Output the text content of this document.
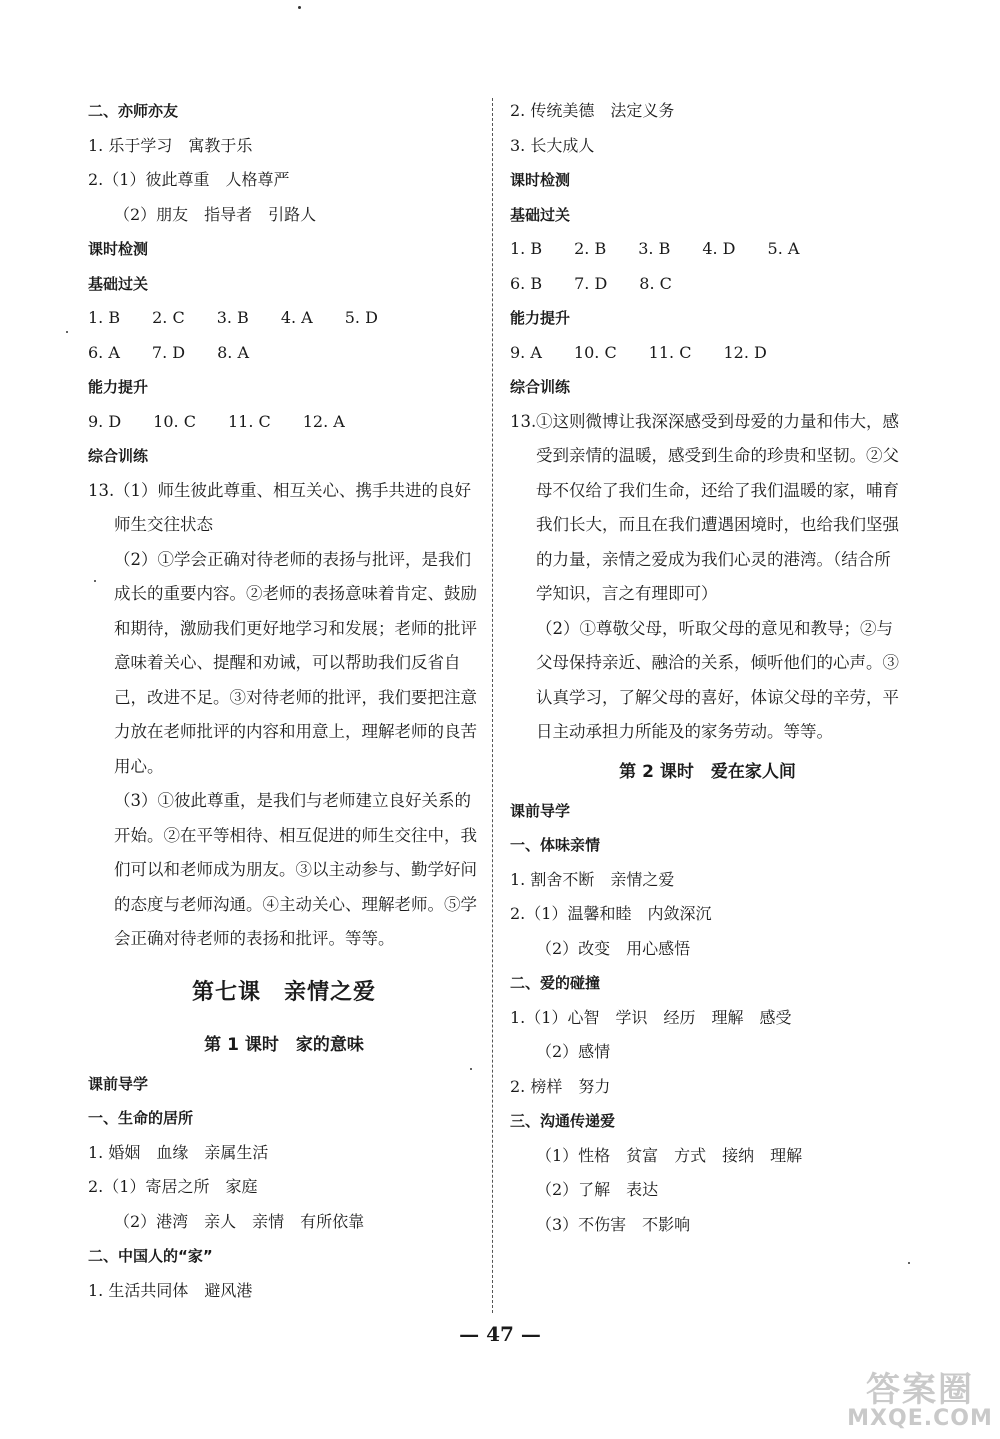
二、亦师亦友
1. 乐于学习　寓教于乐
2.（1）彼此尊重　人格尊严
（2）朋友　指导者　引路人
课时检测
基础过关
1. B　　2. C　　3. B　　4. A　　5. D
6. A　　7. D　　8. A
能力提升
9. D　　10. C　　11. C　　12. A
综合训练
13. （1）师生彼此尊重、相互关心、携手共进的良好师生交往状态
（2）①学会正确对待老师的表扬与批评，是我们成长的重要内容。②老师的表扬意味着肯定、鼓励和期待，激励我们更好地学习和发展；老师的批评意味着关心、提醒和劝诫，可以帮助我们反省自己，改进不足。③对待老师的批评，我们要把注意力放在老师批评的内容和用意上，理解老师的良苦用心。
（3）①彼此尊重，是我们与老师建立良好关系的开始。②在平等相待、相互促进的师生交往中，我们可以和老师成为朋友。③以主动参与、勤学好问的态度与老师沟通。④主动关心、理解老师。⑤学会正确对待老师的表扬和批评。等等。
第七课　亲情之爱
第 1 课时　家的意味
课前导学
一、生命的居所
1. 婚姻　血缘　亲属生活
2.（1）寄居之所　家庭
（2）港湾　亲人　亲情　有所依靠
二、中国人的“家”
1. 生活共同体　避风港
2. 传统美德　法定义务
3. 长大成人
课时检测
基础过关
1. B　　2. B　　3. B　　4. D　　5. A
6. B　　7. D　　8. C
能力提升
9. A　　10. C　　11. C　　12. D
综合训练
13. ①这则微博让我深深感受到母爱的力量和伟大，感受到亲情的温暖，感受到生命的珍贵和坚韧。②父母不仅给了我们生命，还给了我们温暖的家，哺育我们长大，而且在我们遭遇困境时，也给我们坚强的力量，亲情之爱成为我们心灵的港湾。（结合所学知识，言之有理即可）
（2）①尊敬父母，听取父母的意见和教导；②与父母保持亲近、融洽的关系，倾听他们的心声。③认真学习，了解父母的喜好，体谅父母的辛劳，平日主动承担力所能及的家务劳动。等等。
第 2 课时　爱在家人间
课前导学
一、体味亲情
1. 割舍不断　亲情之爱
2.（1）温馨和睦　内敛深沉
（2）改变　用心感悟
二、爱的碰撞
1.（1）心智　学识　经历　理解　感受
（2）感情
2. 榜样　努力
三、沟通传递爱
（1）性格　贫富　方式　接纳　理解
（2）了解　表达
（3）不伤害　不影响
— 47 —
答案圈
MXQE.COM
